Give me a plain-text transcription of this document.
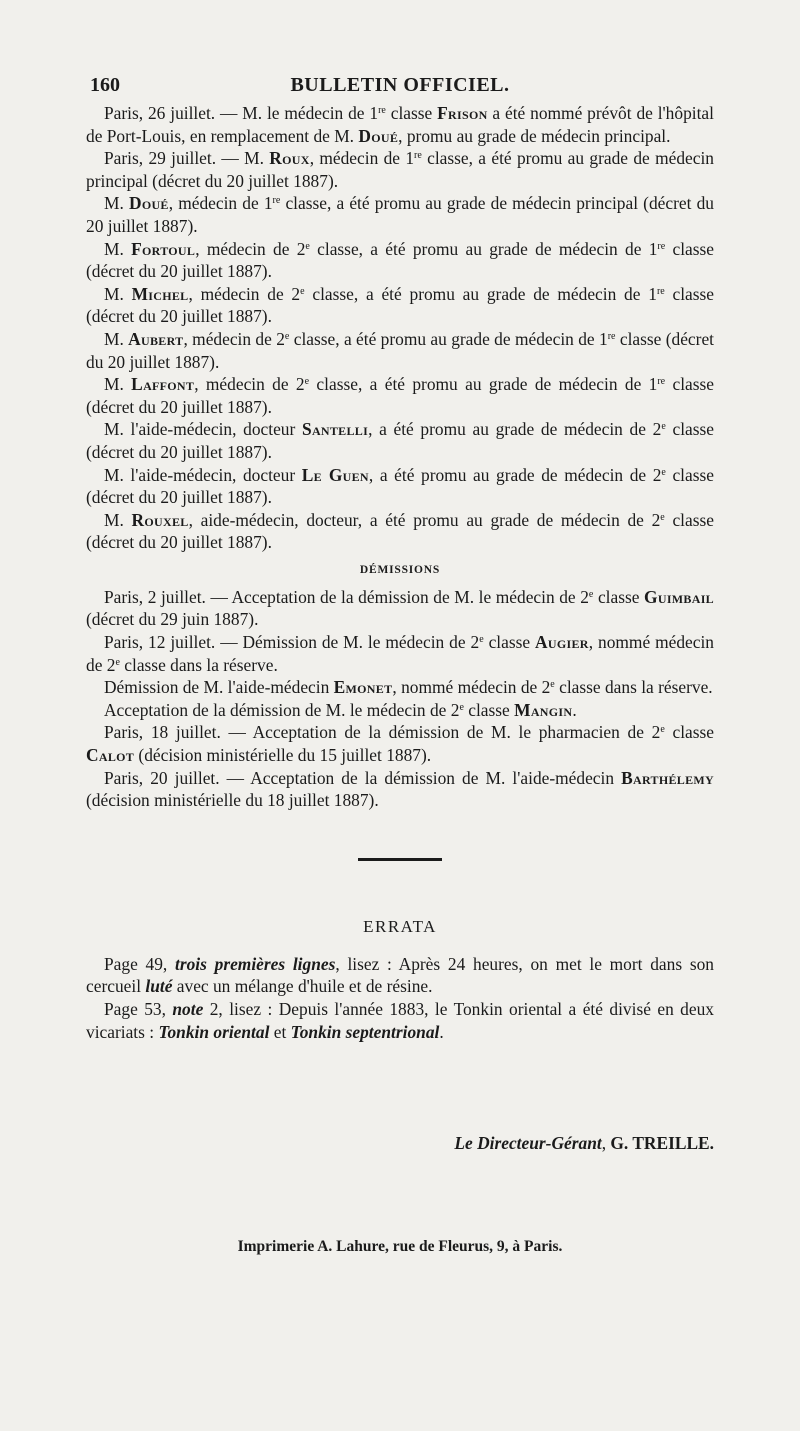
160	BULLETIN OFFICIEL.

Paris, 26 juillet. — M. le médecin de 1re classe Frison a été nommé prévôt de l'hôpital de Port-Louis, en remplacement de M. Doué, promu au grade de médecin principal.

Paris, 29 juillet. — M. Roux, médecin de 1re classe, a été promu au grade de médecin principal (décret du 20 juillet 1887).

M. Doué, médecin de 1re classe, a été promu au grade de médecin principal (décret du 20 juillet 1887).

M. Fortoul, médecin de 2e classe, a été promu au grade de médecin de 1re classe (décret du 20 juillet 1887).

M. Michel, médecin de 2e classe, a été promu au grade de médecin de 1re classe (décret du 20 juillet 1887).

M. Aubert, médecin de 2e classe, a été promu au grade de médecin de 1re classe (décret du 20 juillet 1887).

M. Laffont, médecin de 2e classe, a été promu au grade de médecin de 1re classe (décret du 20 juillet 1887).

M. l'aide-médecin, docteur Santelli, a été promu au grade de médecin de 2e classe (décret du 20 juillet 1887).

M. l'aide-médecin, docteur Le Guen, a été promu au grade de médecin de 2e classe (décret du 20 juillet 1887).

M. Rouxel, aide-médecin, docteur, a été promu au grade de médecin de 2e classe (décret du 20 juillet 1887).

DÉMISSIONS

Paris, 2 juillet. — Acceptation de la démission de M. le médecin de 2e classe Guimbail (décret du 29 juin 1887).

Paris, 12 juillet. — Démission de M. le médecin de 2e classe Augier, nommé médecin de 2e classe dans la réserve.

Démission de M. l'aide-médecin Emonet, nommé médecin de 2e classe dans la réserve.

Acceptation de la démission de M. le médecin de 2e classe Mangin.

Paris, 18 juillet. — Acceptation de la démission de M. le pharmacien de 2e classe Calot (décision ministérielle du 15 juillet 1887).

Paris, 20 juillet. — Acceptation de la démission de M. l'aide-médecin Barthélemy (décision ministérielle du 18 juillet 1887).

ERRATA

Page 49, trois premières lignes, lisez : Après 24 heures, on met le mort dans son cercueil luté avec un mélange d'huile et de résine.

Page 53, note 2, lisez : Depuis l'année 1883, le Tonkin oriental a été divisé en deux vicariats : Tonkin oriental et Tonkin septentrional.

Le Directeur-Gérant, G. TREILLE.
Imprimerie A. Lahure, rue de Fleurus, 9, à Paris.
